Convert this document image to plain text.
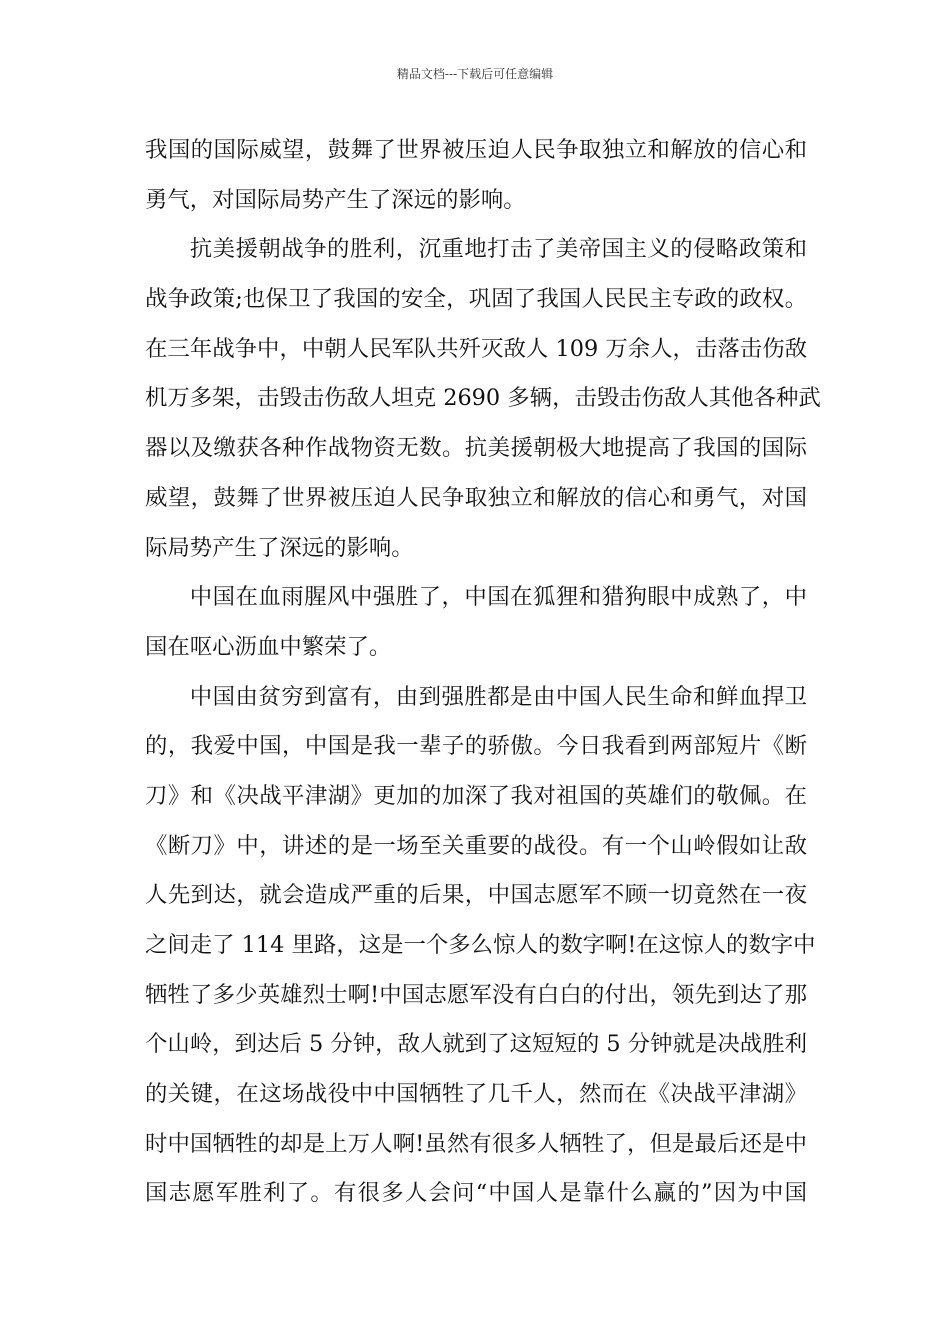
精品文档---下载后可任意编辑
我国的国际威望，鼓舞了世界被压迫人民争取独立和解放的信心和
勇气，对国际局势产生了深远的影响。
抗美援朝战争的胜利，沉重地打击了美帝国主义的侵略政策和
战争政策;也保卫了我国的安全，巩固了我国人民民主专政的政权。
在三年战争中，中朝人民军队共歼灭敌人 109 万余人，击落击伤敌
机万多架，击毁击伤敌人坦克 2690 多辆，击毁击伤敌人其他各种武
器以及缴获各种作战物资无数。抗美援朝极大地提高了我国的国际
威望，鼓舞了世界被压迫人民争取独立和解放的信心和勇气，对国
际局势产生了深远的影响。
中国在血雨腥风中强胜了，中国在狐狸和猎狗眼中成熟了，中
国在呕心沥血中繁荣了。
中国由贫穷到富有，由到强胜都是由中国人民生命和鲜血捍卫
的，我爱中国，中国是我一辈子的骄傲。今日我看到两部短片《断
刀》和《决战平津湖》更加的加深了我对祖国的英雄们的敬佩。在
《断刀》中，讲述的是一场至关重要的战役。有一个山岭假如让敌
人先到达，就会造成严重的后果，中国志愿军不顾一切竟然在一夜
之间走了 114 里路，这是一个多么惊人的数字啊!在这惊人的数字中
牺牲了多少英雄烈士啊!中国志愿军没有白白的付出，领先到达了那
个山岭，到达后 5 分钟，敌人就到了这短短的 5 分钟就是决战胜利
的关键，在这场战役中中国牺牲了几千人，然而在《决战平津湖》
时中国牺牲的却是上万人啊!虽然有很多人牺牲了，但是最后还是中
国志愿军胜利了。有很多人会问“中国人是靠什么赢的”因为中国
